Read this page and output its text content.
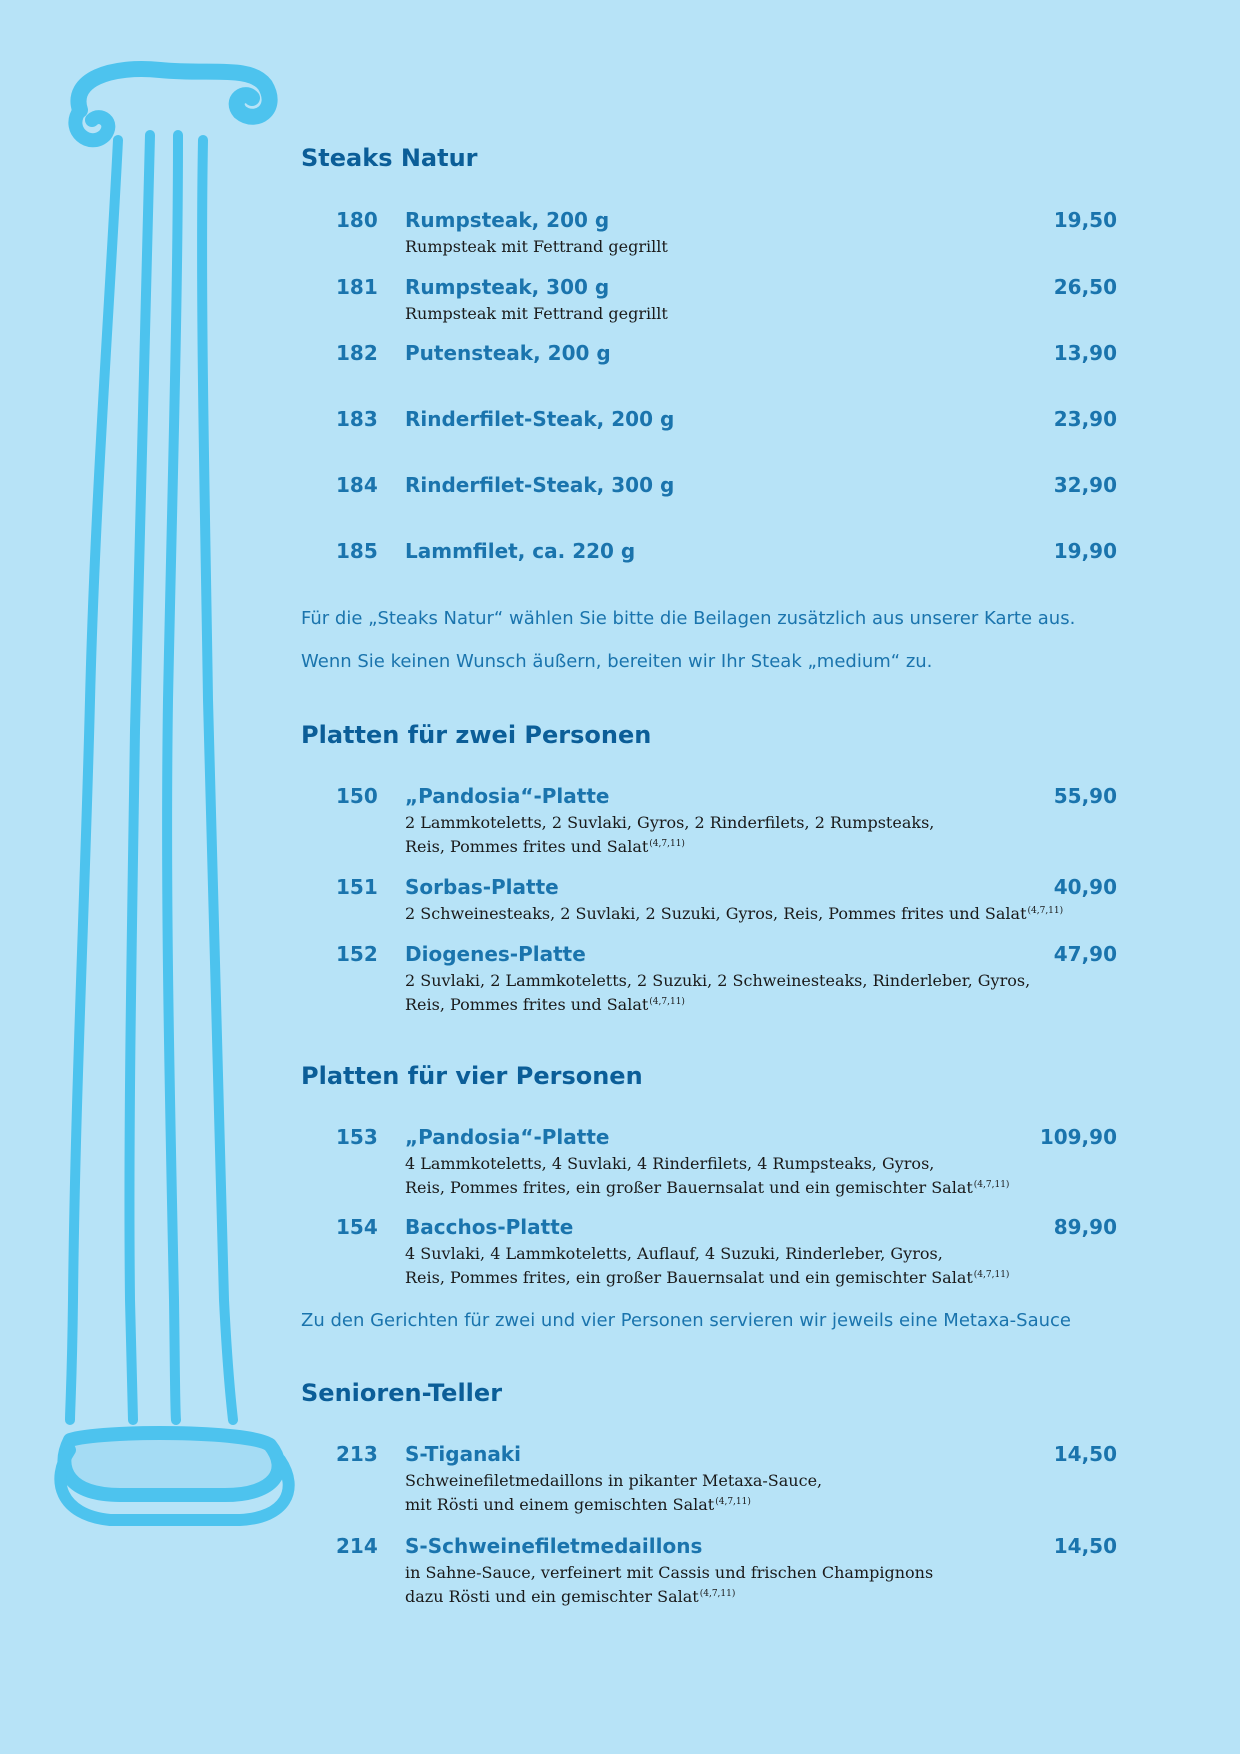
Steaks Natur
180 Rumpsteak, 200 g	19,50
Rumpsteak mit Fettrand gegrillt
181 Rumpsteak, 300 g	26,50
Rumpsteak mit Fettrand gegrillt
182 Putensteak, 200 g	13,90
183 Rinderfilet-Steak, 200 g	23,90
184 Rinderfilet-Steak, 300 g	32,90
185 Lammfilet, ca. 220 g	19,90
Für die „Steaks Natur“ wählen Sie bitte die Beilagen zusätzlich aus unserer Karte aus.
Wenn Sie keinen Wunsch äußern, bereiten wir Ihr Steak „medium“ zu.
Platten für zwei Personen
150 „Pandosia“-Platte	55,90
2 Lammkoteletts, 2 Suvlaki, Gyros, 2 Rinderfilets, 2 Rumpsteaks,
Reis, Pommes frites und Salat$^{(4,7,11)}$
151 Sorbas-Platte	40,90
2 Schweinesteaks, 2 Suvlaki, 2 Suzuki, Gyros, Reis, Pommes frites und Salat$^{(4,7,11)}$
152 Diogenes-Platte	47,90
2 Suvlaki, 2 Lammkoteletts, 2 Suzuki, 2 Schweinesteaks, Rinderleber, Gyros,
Reis, Pommes frites und Salat$^{(4,7,11)}$
Platten für vier Personen
153 „Pandosia“-Platte	109,90
4 Lammkoteletts, 4 Suvlaki, 4 Rinderfilets, 4 Rumpsteaks, Gyros,
Reis, Pommes frites, ein großer Bauernsalat und ein gemischter Salat$^{(4,7,11)}$
154 Bacchos-Platte	89,90
4 Suvlaki, 4 Lammkoteletts, Auflauf, 4 Suzuki, Rinderleber, Gyros,
Reis, Pommes frites, ein großer Bauernsalat und ein gemischter Salat$^{(4,7,11)}$
Zu den Gerichten für zwei und vier Personen servieren wir jeweils eine Metaxa-Sauce
Senioren-Teller
213 S-Tiganaki	14,50
Schweinefiletmedaillons in pikanter Metaxa-Sauce,
mit Rösti und einem gemischten Salat$^{(4,7,11)}$
214 S-Schweinefiletmedaillons	14,50
in Sahne-Sauce, verfeinert mit Cassis und frischen Champignons
dazu Rösti und ein gemischter Salat$^{(4,7,11)}$
